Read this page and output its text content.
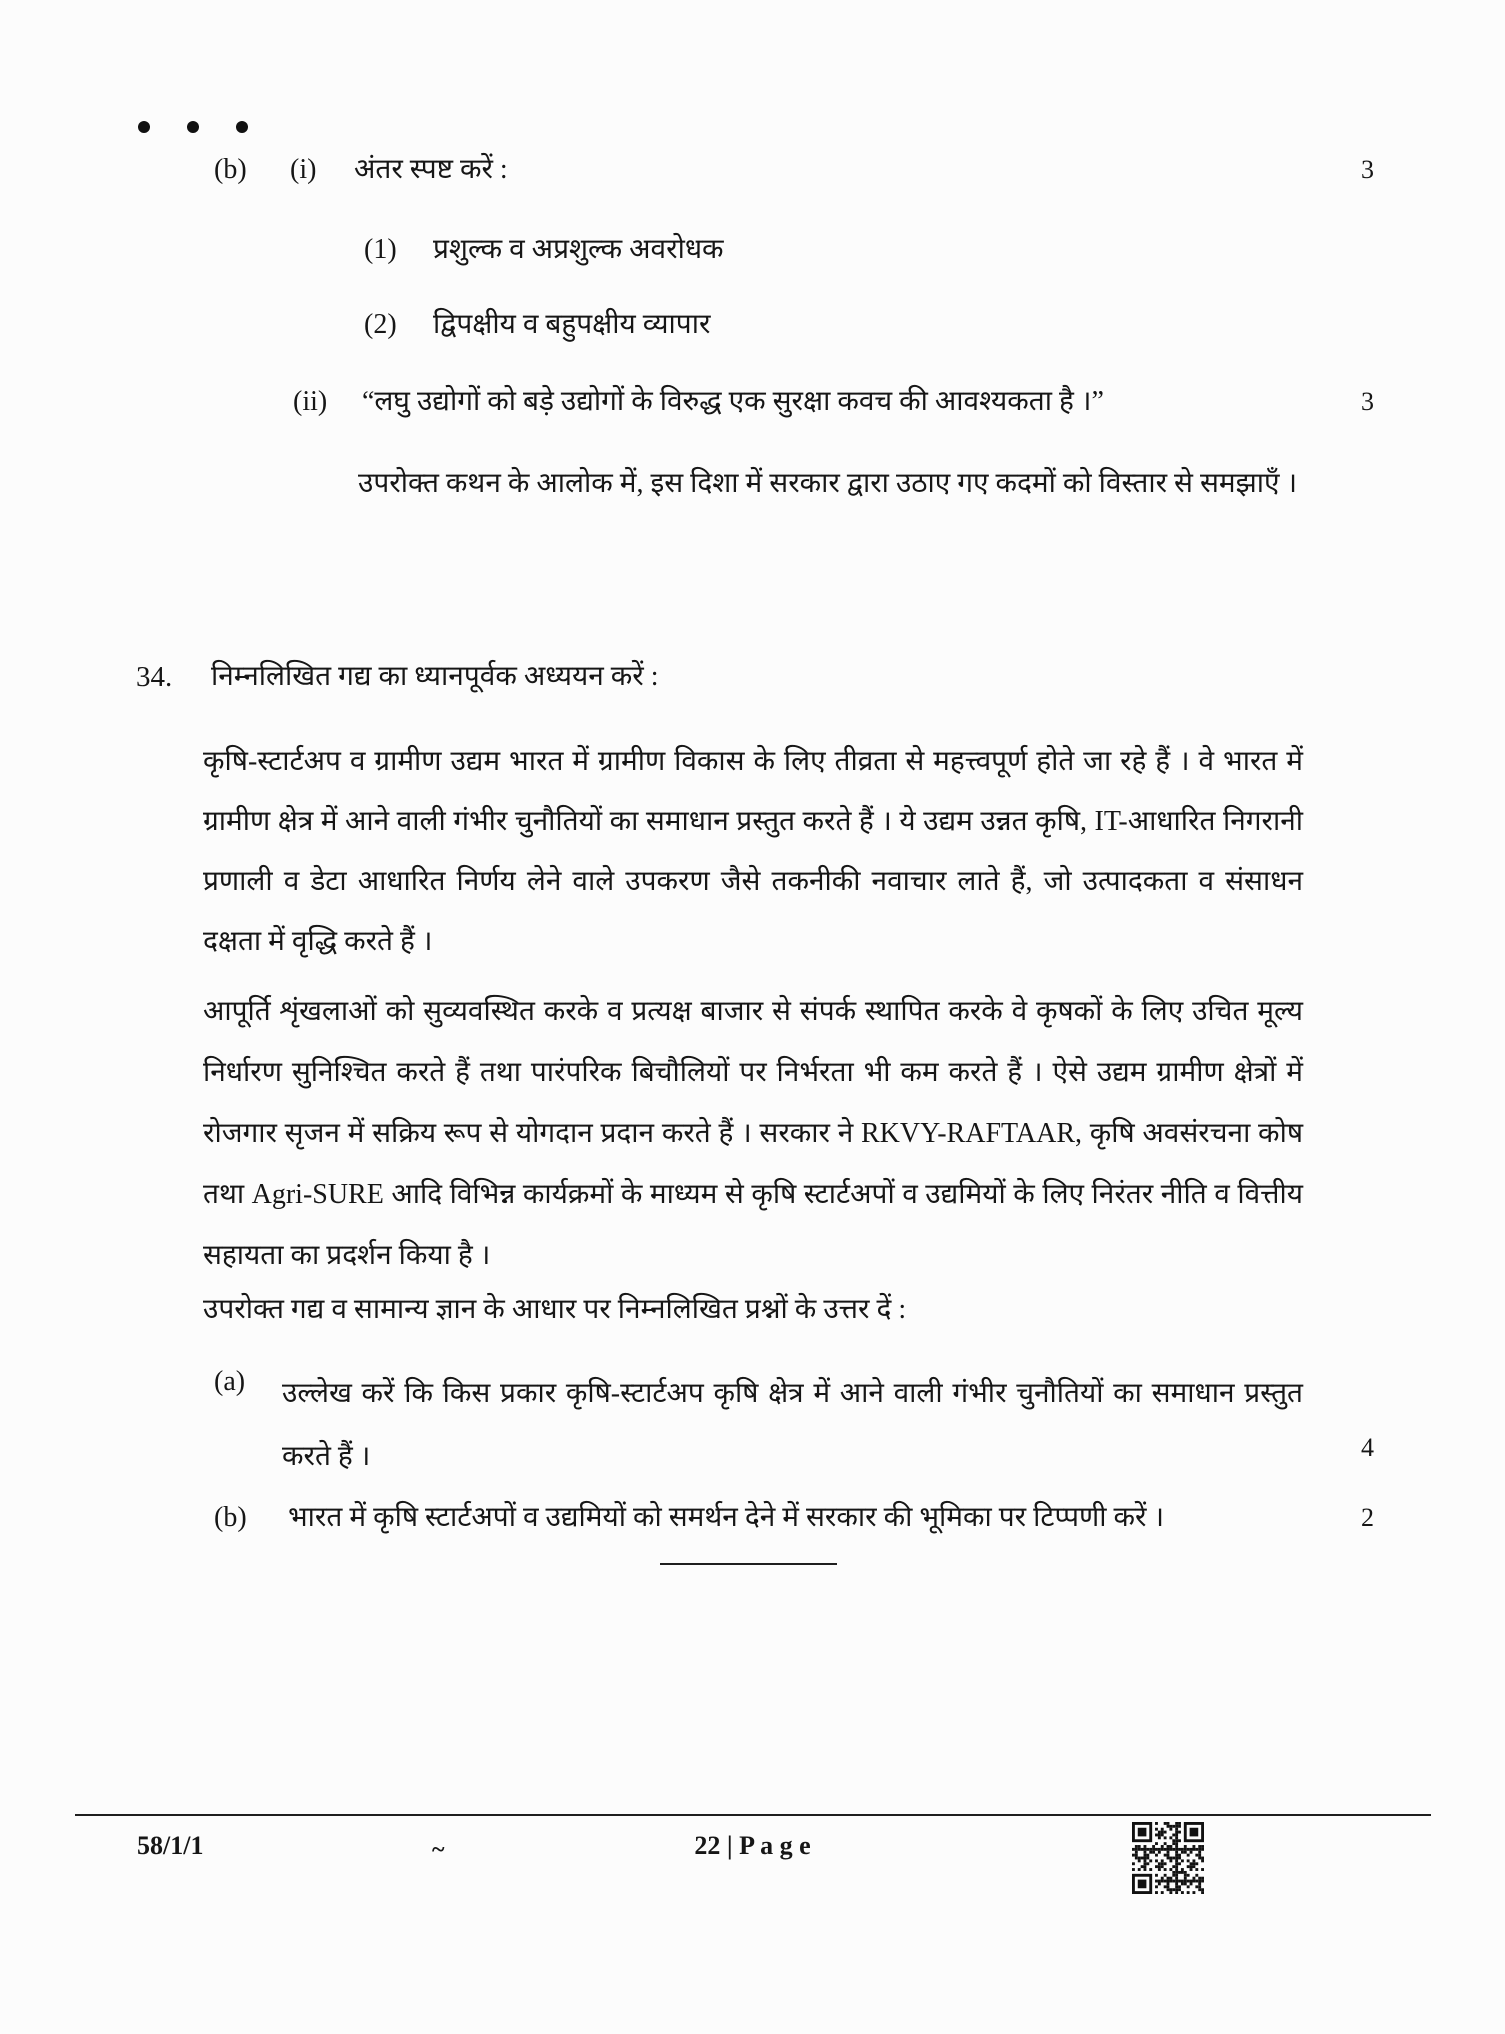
(b) (i) अंतर स्पष्ट करें :	3
(1) प्रशुल्क व अप्रशुल्क अवरोधक
(2) द्विपक्षीय व बहुपक्षीय व्यापार
(ii) “लघु उद्योगों को बड़े उद्योगों के विरुद्ध एक सुरक्षा कवच की आवश्यकता है ।”	3
उपरोक्त कथन के आलोक में, इस दिशा में सरकार द्वारा उठाए गए कदमों को विस्तार से समझाएँ ।
34. निम्नलिखित गद्य का ध्यानपूर्वक अध्ययन करें :
कृषि-स्टार्टअप व ग्रामीण उद्यम भारत में ग्रामीण विकास के लिए तीव्रता से महत्त्वपूर्ण होते जा रहे हैं । वे भारत में ग्रामीण क्षेत्र में आने वाली गंभीर चुनौतियों का समाधान प्रस्तुत करते हैं । ये उद्यम उन्नत कृषि, IT-आधारित निगरानी प्रणाली व डेटा आधारित निर्णय लेने वाले उपकरण जैसे तकनीकी नवाचार लाते हैं, जो उत्पादकता व संसाधन दक्षता में वृद्धि करते हैं ।
आपूर्ति शृंखलाओं को सुव्यवस्थित करके व प्रत्यक्ष बाजार से संपर्क स्थापित करके वे कृषकों के लिए उचित मूल्य निर्धारण सुनिश्चित करते हैं तथा पारंपरिक बिचौलियों पर निर्भरता भी कम करते हैं । ऐसे उद्यम ग्रामीण क्षेत्रों में रोजगार सृजन में सक्रिय रूप से योगदान प्रदान करते हैं । सरकार ने RKVY-RAFTAAR, कृषि अवसंरचना कोष तथा Agri-SURE आदि विभिन्न कार्यक्रमों के माध्यम से कृषि स्टार्टअपों व उद्यमियों के लिए निरंतर नीति व वित्तीय सहायता का प्रदर्शन किया है ।
उपरोक्त गद्य व सामान्य ज्ञान के आधार पर निम्नलिखित प्रश्नों के उत्तर दें :
(a) उल्लेख करें कि किस प्रकार कृषि-स्टार्टअप कृषि क्षेत्र में आने वाली गंभीर चुनौतियों का समाधान प्रस्तुत करते हैं ।	4
(b) भारत में कृषि स्टार्टअपों व उद्यमियों को समर्थन देने में सरकार की भूमिका पर टिप्पणी करें ।	2
58/1/1	~	22 | P a g e
